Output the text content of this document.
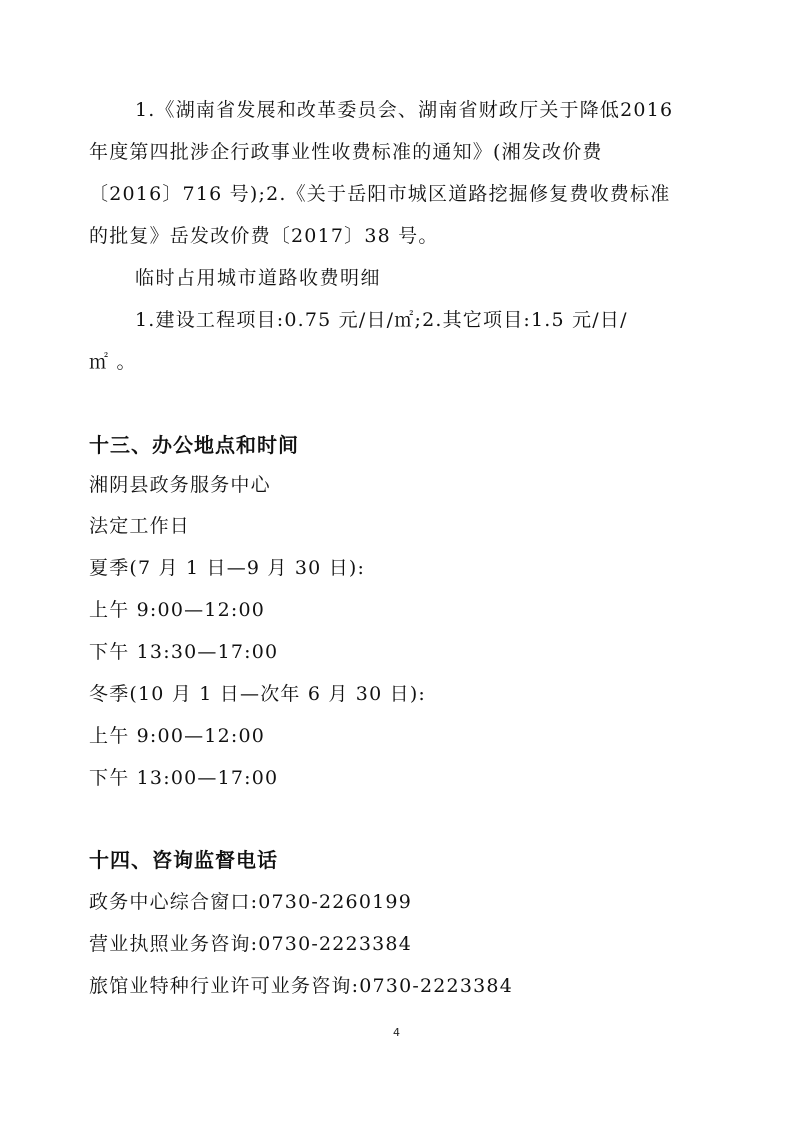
1.《湖南省发展和改革委员会、湖南省财政厅关于降低2016
年度第四批涉企行政事业性收费标准的通知》(湘发改价费
〔2016〕716 号);2.《关于岳阳市城区道路挖掘修复费收费标准
的批复》岳发改价费〔2017〕38 号。
临时占用城市道路收费明细
1.建设工程项目:0.75 元/日/㎡;2.其它项目:1.5 元/日/
㎡ 。
十三、办公地点和时间
湘阴县政务服务中心
法定工作日
夏季(7 月 1 日—9 月 30 日):
上午 9:00—12:00
下午 13:30—17:00
冬季(10 月 1 日—次年 6 月 30 日):
上午 9:00—12:00
下午 13:00—17:00
十四、咨询监督电话
政务中心综合窗口:0730-2260199
营业执照业务咨询:0730-2223384
旅馆业特种行业许可业务咨询:0730-2223384
4
